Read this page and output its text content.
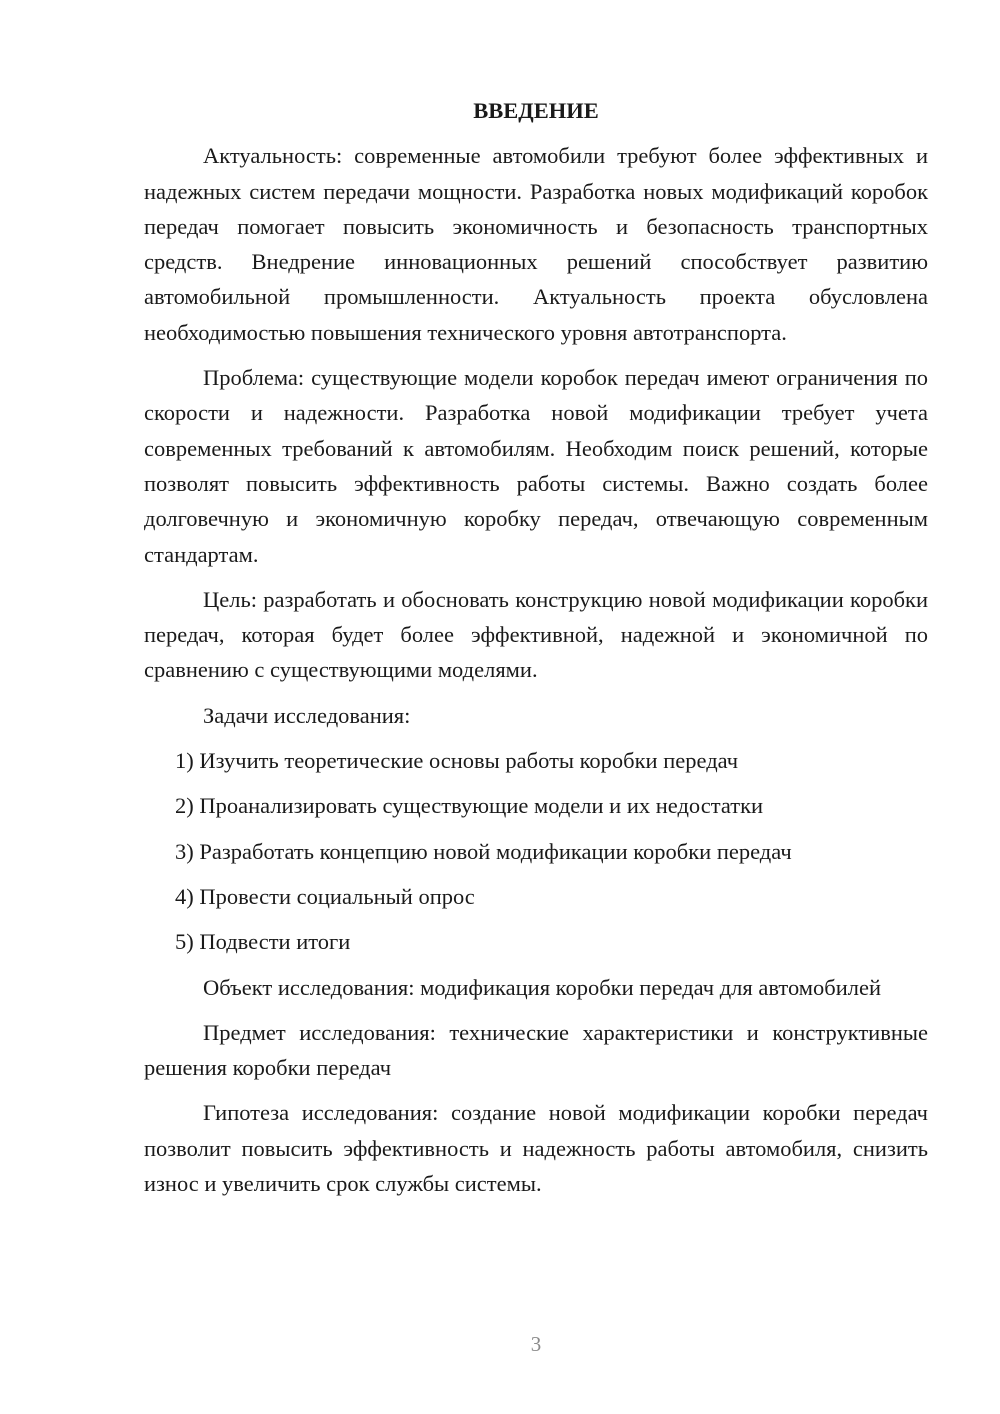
ВВЕДЕНИЕ

Актуальность: современные автомобили требуют более эффективных и надежных систем передачи мощности. Разработка новых модификаций коробок передач помогает повысить экономичность и безопасность транспортных средств. Внедрение инновационных решений способствует развитию автомобильной промышленности. Актуальность проекта обусловлена необходимостью повышения технического уровня автотранспорта.

Проблема: существующие модели коробок передач имеют ограничения по скорости и надежности. Разработка новой модификации требует учета современных требований к автомобилям. Необходим поиск решений, которые позволят повысить эффективность работы системы. Важно создать более долговечную и экономичную коробку передач, отвечающую современным стандартам.

Цель: разработать и обосновать конструкцию новой модификации коробки передач, которая будет более эффективной, надежной и экономичной по сравнению с существующими моделями.

Задачи исследования:

1) Изучить теоретические основы работы коробки передач
2) Проанализировать существующие модели и их недостатки
3) Разработать концепцию новой модификации коробки передач
4) Провести социальный опрос
5) Подвести итоги

Объект исследования: модификация коробки передач для автомобилей

Предмет исследования: технические характеристики и конструктивные решения коробки передач

Гипотеза исследования: создание новой модификации коробки передач позволит повысить эффективность и надежность работы автомобиля, снизить износ и увеличить срок службы системы.

3
